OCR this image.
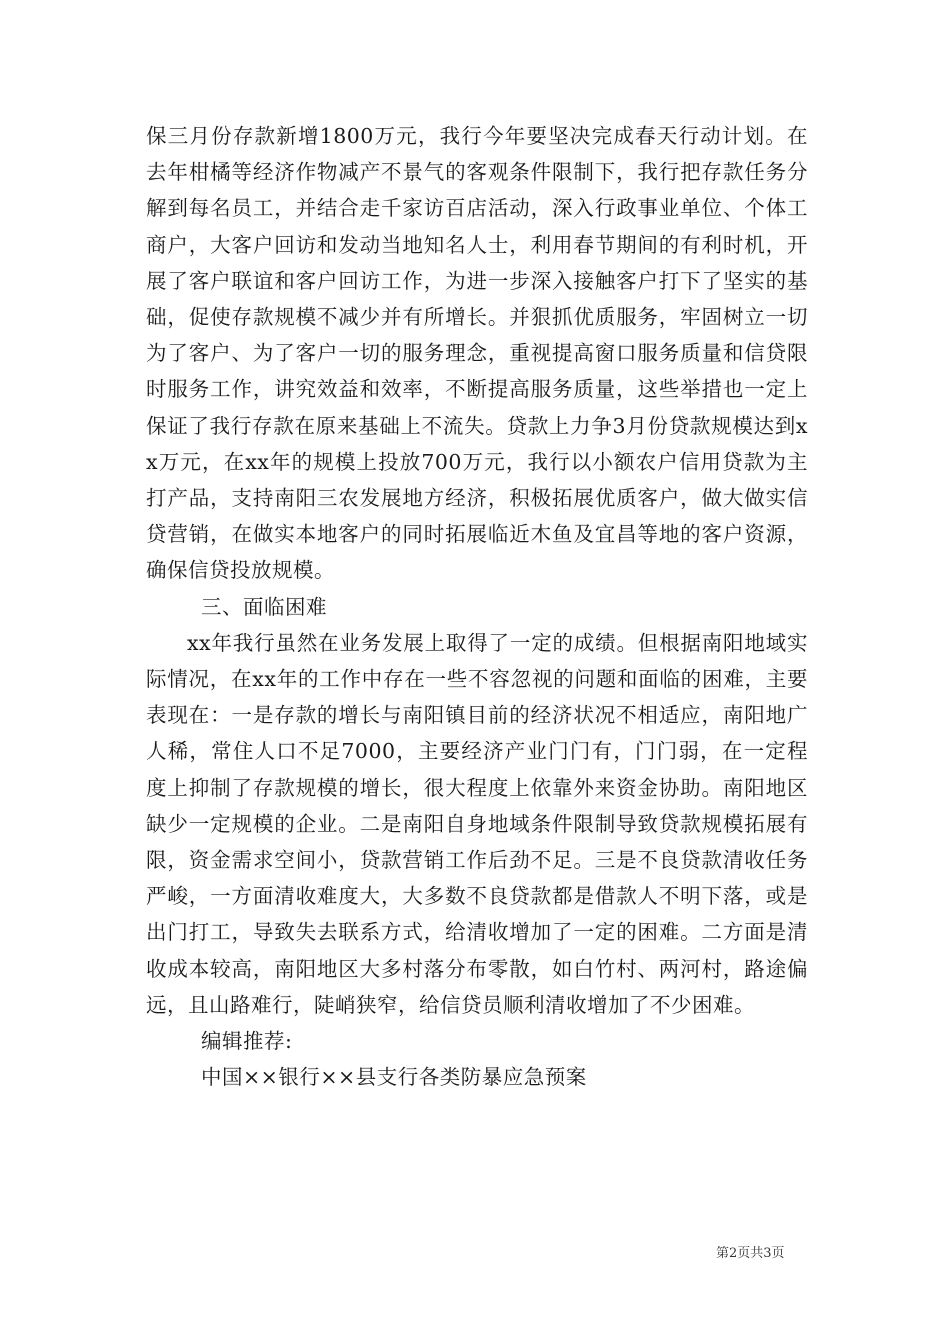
保三月份存款新增1800万元，我行今年要坚决完成春天行动计划。在去年柑橘等经济作物减产不景气的客观条件限制下，我行把存款任务分解到每名员工，并结合走千家访百店活动，深入行政事业单位、个体工商户，大客户回访和发动当地知名人士，利用春节期间的有利时机，开展了客户联谊和客户回访工作，为进一步深入接触客户打下了坚实的基础，促使存款规模不减少并有所增长。并狠抓优质服务，牢固树立一切为了客户、为了客户一切的服务理念，重视提高窗口服务质量和信贷限时服务工作，讲究效益和效率，不断提高服务质量，这些举措也一定上保证了我行存款在原来基础上不流失。贷款上力争3月份贷款规模达到xx万元，在xx年的规模上投放700万元，我行以小额农户信用贷款为主打产品，支持南阳三农发展地方经济，积极拓展优质客户，做大做实信贷营销，在做实本地客户的同时拓展临近木鱼及宜昌等地的客户资源，确保信贷投放规模。

三、面临困难

xx年我行虽然在业务发展上取得了一定的成绩。但根据南阳地域实际情况，在xx年的工作中存在一些不容忽视的问题和面临的困难，主要表现在：一是存款的增长与南阳镇目前的经济状况不相适应，南阳地广人稀，常住人口不足7000，主要经济产业门门有，门门弱，在一定程度上抑制了存款规模的增长，很大程度上依靠外来资金协助。南阳地区缺少一定规模的企业。二是南阳自身地域条件限制导致贷款规模拓展有限，资金需求空间小，贷款营销工作后劲不足。三是不良贷款清收任务严峻，一方面清收难度大，大多数不良贷款都是借款人不明下落，或是出门打工，导致失去联系方式，给清收增加了一定的困难。二方面是清收成本较高，南阳地区大多村落分布零散，如白竹村、两河村，路途偏远，且山路难行，陡峭狭窄，给信贷员顺利清收增加了不少困难。

编辑推荐:

中国××银行××县支行各类防暴应急预案

第2页共3页
